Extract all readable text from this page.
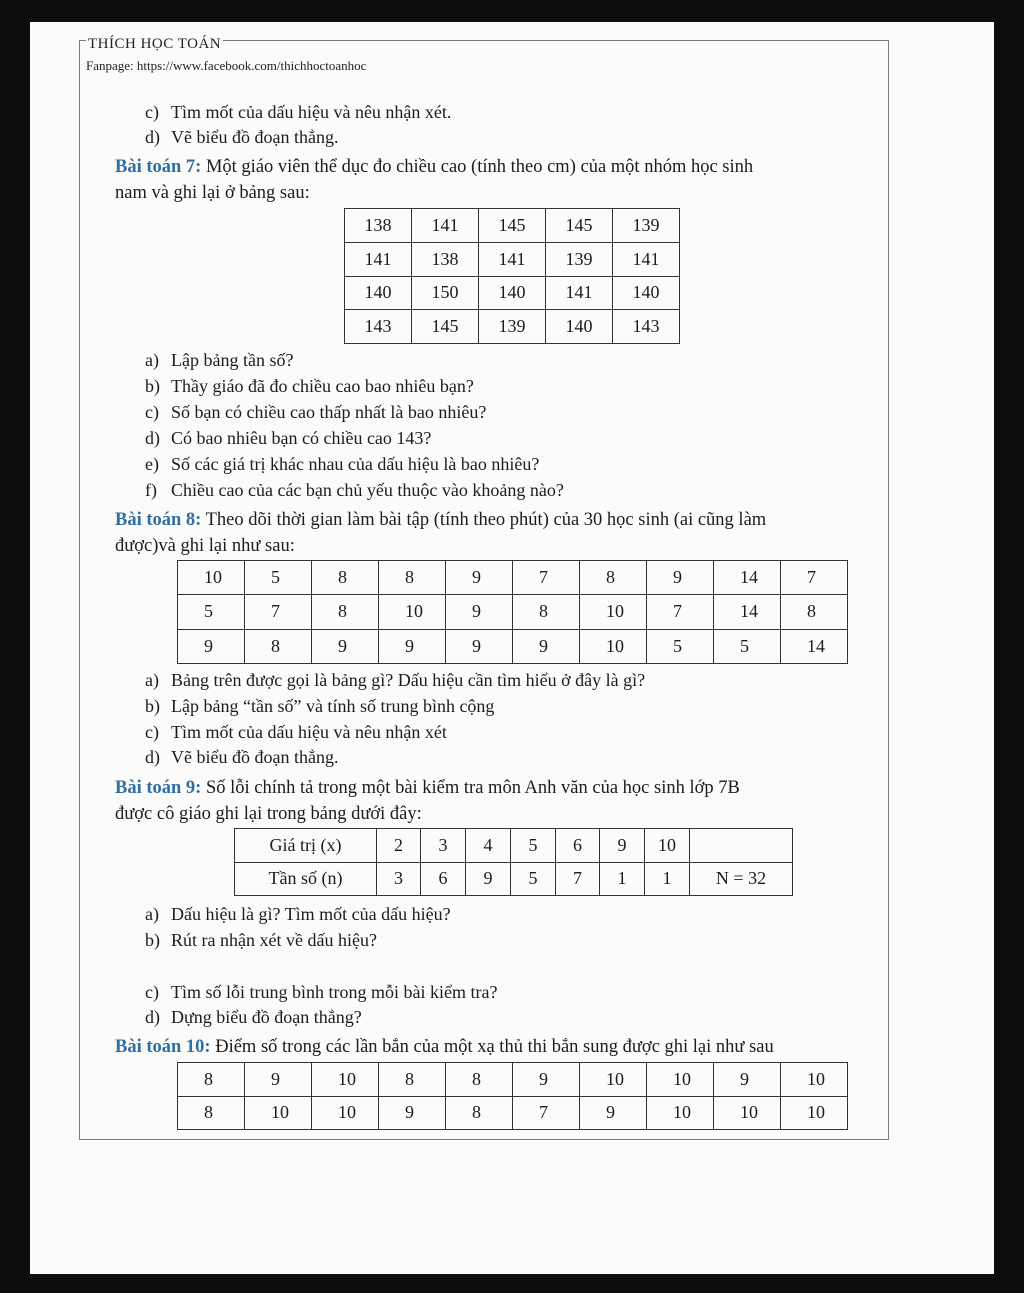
THÍCH HỌC TOÁN
Fanpage: https://www.facebook.com/thichhoctoanhoc
c) Tìm mốt của dấu hiệu và nêu nhận xét.
d) Vẽ biểu đồ đoạn thẳng.
Bài toán 7: Một giáo viên thể dục đo chiều cao (tính theo cm) của một nhóm học sinh
nam và ghi lại ở bảng sau:
138	141	145	145	139
141	138	141	139	141
140	150	140	141	140
143	145	139	140	143
a) Lập bảng tần số?
b) Thầy giáo đã đo chiều cao bao nhiêu bạn?
c) Số bạn có chiều cao thấp nhất là bao nhiêu?
d) Có bao nhiêu bạn có chiều cao 143?
e) Số các giá trị khác nhau của dấu hiệu là bao nhiêu?
f) Chiều cao của các bạn chủ yếu thuộc vào khoảng nào?
Bài toán 8: Theo dõi thời gian làm bài tập (tính theo phút) của 30 học sinh (ai cũng làm
được)và ghi lại như sau:
10	5	8	8	9	7	8	9	14	7
5	7	8	10	9	8	10	7	14	8
9	8	9	9	9	9	10	5	5	14
a) Bảng trên được gọi là bảng gì? Dấu hiệu cần tìm hiểu ở đây là gì?
b) Lập bảng “tần số” và tính số trung bình cộng
c) Tìm mốt của dấu hiệu và nêu nhận xét
d) Vẽ biểu đồ đoạn thẳng.
Bài toán 9: Số lỗi chính tả trong một bài kiểm tra môn Anh văn của học sinh lớp 7B
được cô giáo ghi lại trong bảng dưới đây:
Giá trị (x)	2	3	4	5	6	9	10	
Tần số (n)	3	6	9	5	7	1	1	N = 32
a) Dấu hiệu là gì? Tìm mốt của dấu hiệu?
b) Rút ra nhận xét về dấu hiệu?
c) Tìm số lỗi trung bình trong mỗi bài kiểm tra?
d) Dựng biểu đồ đoạn thẳng?
Bài toán 10: Điểm số trong các lần bắn của một xạ thủ thi bắn sung được ghi lại như sau
8	9	10	8	8	9	10	10	9	10
8	10	10	9	8	7	9	10	10	10
